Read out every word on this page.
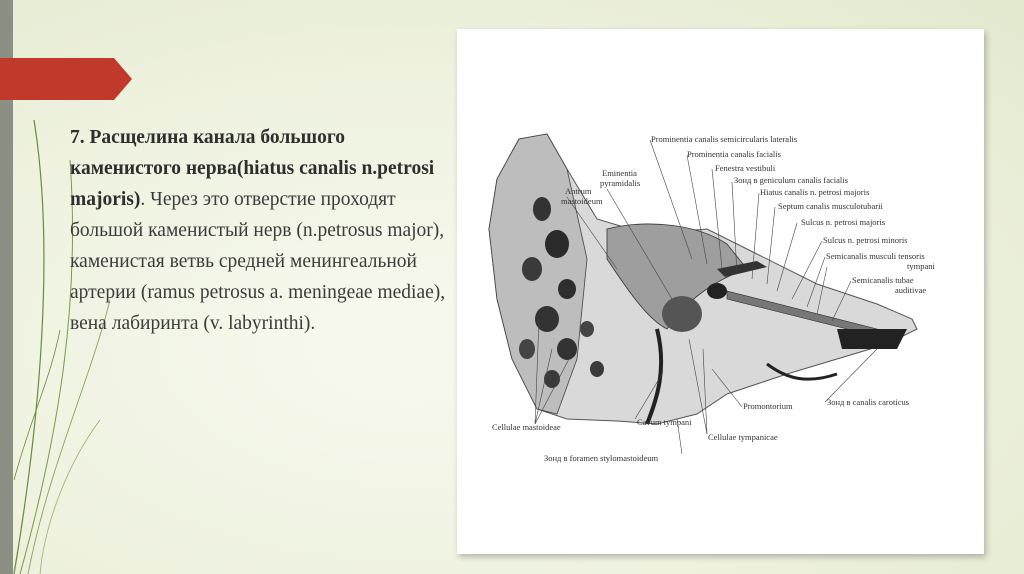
7. Расщелина канала большого каменистого нерва(hiatus canalis n.petrosi majoris). Через это отверстие проходят большой каменистый нерв (n.petrosus major), каменистая ветвь средней менингеальной артерии (ramus petrosus a. meningeae mediae), вена лабиринта (v. labyrinthi).
Prominentia canalis semicircularis lateralis
Prominentia canalis facialis
Fenestra vestibuli
Зонд в geniculum canalis facialis
Hiatus canalis n. petrosi majoris
Septum canalis musculotubarii
Sulcus n. petrosi majoris
Sulcus n. petrosi minoris
Semicanalis musculi tensoris
tympani
Semicanalis tubae
auditivae
Eminentia
pyramidalis
Antrum
mastoideum
Promontorium	Зонд в canalis caroticus
Cellulae mastoideae	Cavum tympani
Cellulae tympanicae
Зонд в foramen stylomastoideum
